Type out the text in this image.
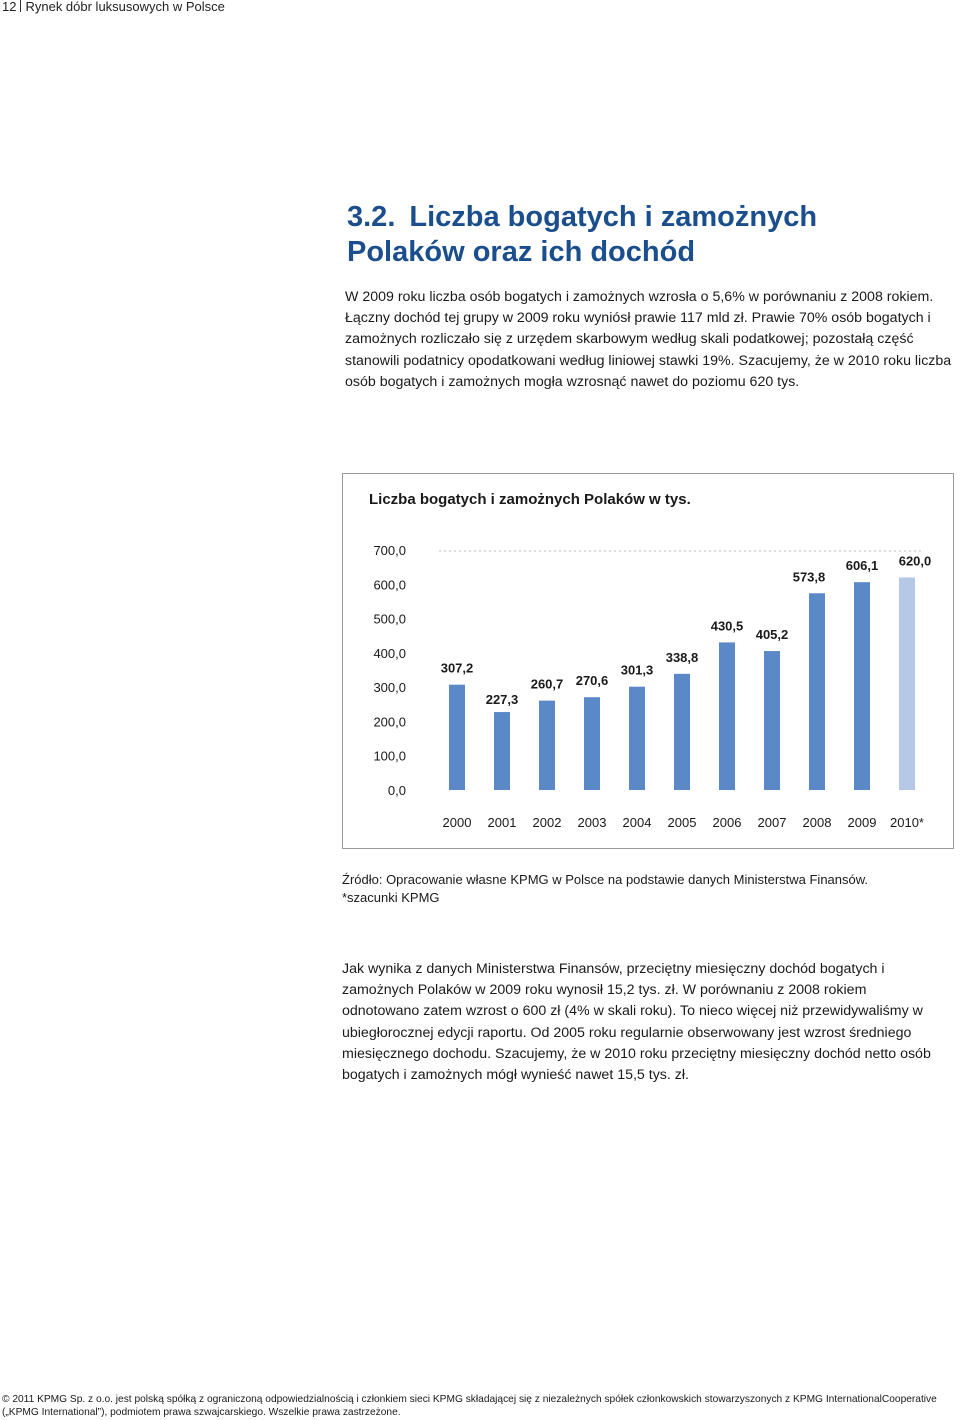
12 Rynek dóbr luksusowych w Polsce
3.2. Liczba bogatych i zamożnych
Polaków oraz ich dochód
W 2009 roku liczba osób bogatych i zamożnych wzrosła o 5,6% w porównaniu z 2008 rokiem. Łączny dochód tej grupy w 2009 roku wyniósł prawie 117 mld zł. Prawie 70% osób bogatych i zamożnych rozliczało się z urzędem skarbowym według skali podatkowej; pozostałą część stanowili podatnicy opodatkowani według liniowej stawki 19%. Szacujemy, że w 2010 roku liczba osób bogatych i zamożnych mogła wzrosnąć nawet do poziomu 620 tys.
Liczba bogatych i zamożnych Polaków w tys.
0,0
100,0
200,0
300,0
400,0
500,0
600,0
700,0
307,2
2000
227,3
2001
260,7
2002
270,6
2003
301,3
2004
338,8
2005
430,5
2006
405,2
2007
573,8
2008
606,1
2009
620,0
2010*
Źródło: Opracowanie własne KPMG w Polsce na podstawie danych Ministerstwa Finansów.
*szacunki KPMG
Jak wynika z danych Ministerstwa Finansów, przeciętny miesięczny dochód bogatych i zamożnych Polaków w 2009 roku wynosił 15,2 tys. zł. W porównaniu z 2008 rokiem odnotowano zatem wzrost o 600 zł (4% w skali roku). To nieco więcej niż przewidywaliśmy w ubiegłorocznej edycji raportu. Od 2005 roku regularnie obserwowany jest wzrost średniego miesięcznego dochodu. Szacujemy, że w 2010 roku przeciętny miesięczny dochód netto osób bogatych i zamożnych mógł wynieść nawet 15,5 tys. zł.
© 2011 KPMG Sp. z o.o. jest polską spółką z ograniczoną odpowiedzialnością i członkiem sieci KPMG składającej się z niezależnych spółek członkowskich stowarzyszonych z KPMG InternationalCooperative („KPMG International”), podmiotem prawa szwajcarskiego. Wszelkie prawa zastrzeżone.
